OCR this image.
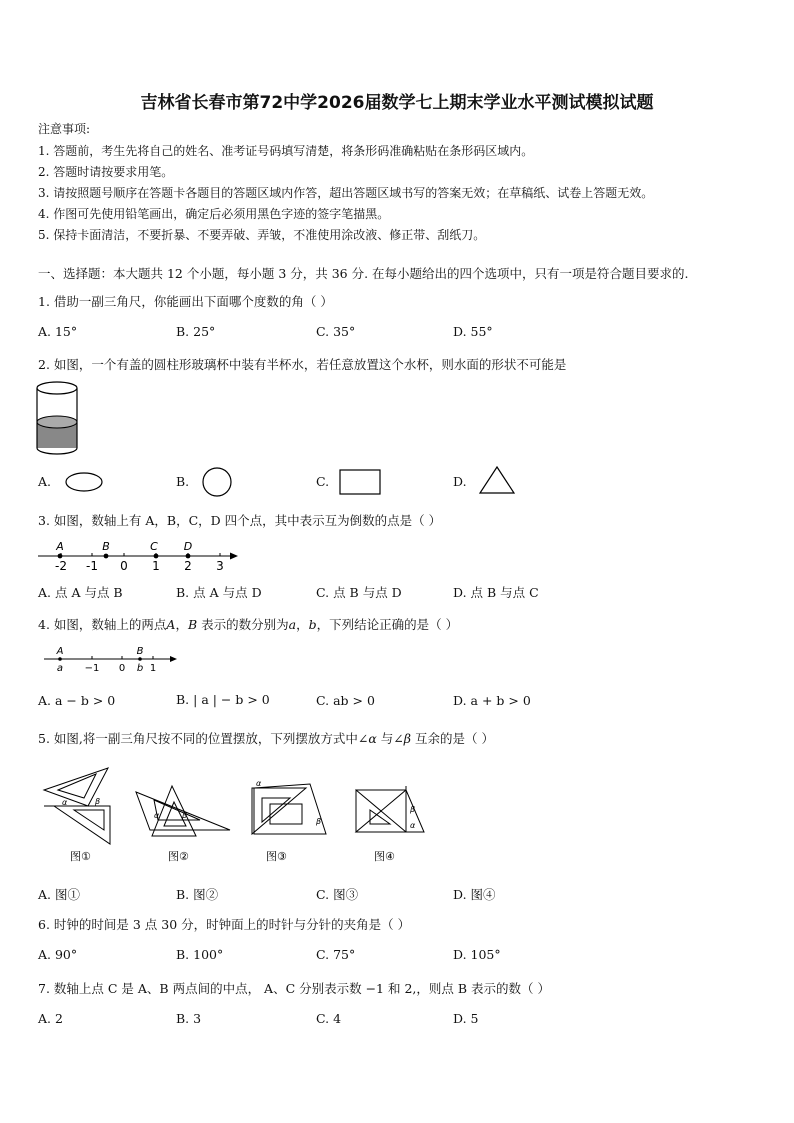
吉林省长春市第72中学2026届数学七上期末学业水平测试模拟试题
注意事项:
1. 答题前，考生先将自己的姓名、准考证号码填写清楚，将条形码准确粘贴在条形码区域内。
2. 答题时请按要求用笔。
3. 请按照题号顺序在答题卡各题目的答题区域内作答，超出答题区域书写的答案无效；在草稿纸、试卷上答题无效。
4. 作图可先使用铅笔画出，确定后必须用黑色字迹的签字笔描黑。
5. 保持卡面清洁，不要折暴、不要弄破、弄皱，不准使用涂改液、修正带、刮纸刀。
一、选择题：本大题共 12 个小题，每小题 3 分，共 36 分. 在每小题给出的四个选项中，只有一项是符合题目要求的.
1. 借助一副三角尺，你能画出下面哪个度数的角（ ）
A. 15°	B. 25°	C. 35°	D. 55°
2. 如图，一个有盖的圆柱形玻璃杯中装有半杯水，若任意放置这个水杯，则水面的形状不可能是
A.	B.	C.	D.
3. 如图，数轴上有 A，B，C，D 四个点，其中表示互为倒数的点是（ ）
-2 -1 0 1 2 3
A	B	C D
A. 点 A 与点 B	B. 点 A 与点 D	C. 点 B 与点 D	D. 点 B 与点 C
4. 如图，数轴上的两点A，B 表示的数分别为a，b，下列结论正确的是（ ）
A
a −1 0
B
b 1
A. a − b > 0	B. | a | − b > 0	C. ab > 0	D. a + b > 0
5. 如图,将一副三角尺按不同的位置摆放，下列摆放方式中∠α 与∠β 互余的是（ ）
α	β
图①
α	β
图②
α
β
图③
β
α
图④
A. 图①	B. 图②	C. 图③	D. 图④
6. 时钟的时间是 3 点 30 分，时钟面上的时针与分针的夹角是（ ）
A. 90°	B. 100°	C. 75°	D. 105°
7. 数轴上点 C 是 A、B 两点间的中点， A、C 分别表示数 −1 和 2,，则点 B 表示的数（ ）
A. 2	B. 3	C. 4	D. 5
